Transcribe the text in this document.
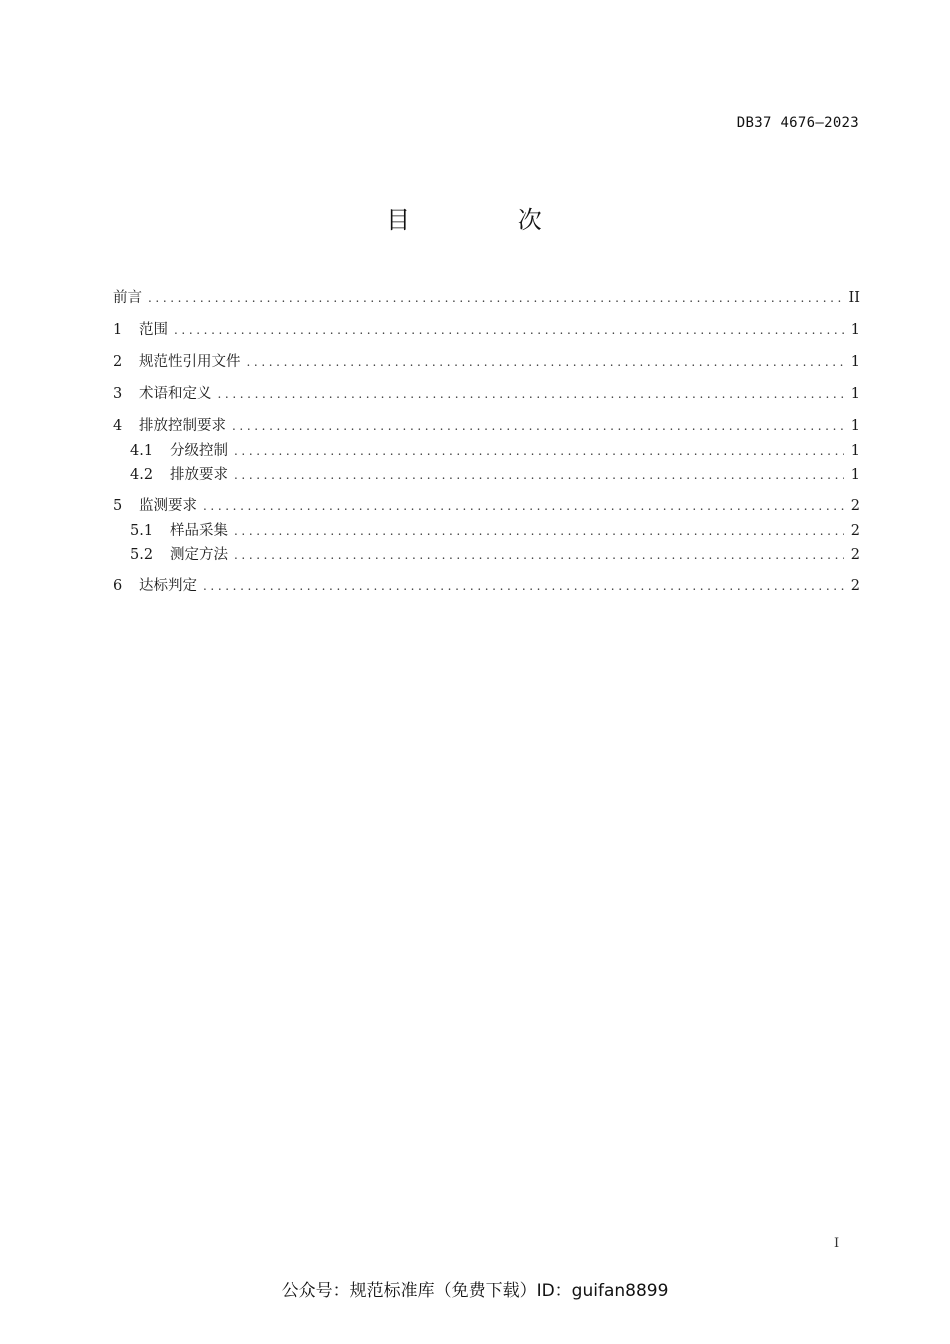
DB37 4676—2023
目 次
前言 .....	II
1	范围 .....	1
2	规范性引用文件 .....	1
3	术语和定义 .....	1
4	排放控制要求 .....	1
4.1	分级控制 .....	1
4.2	排放要求 .....	1
5	监测要求 .....	2
5.1	样品采集 .....	2
5.2	测定方法 .....	2
6	达标判定 .....	2
I
公众号：规范标准库（免费下载）ID：guifan8899
